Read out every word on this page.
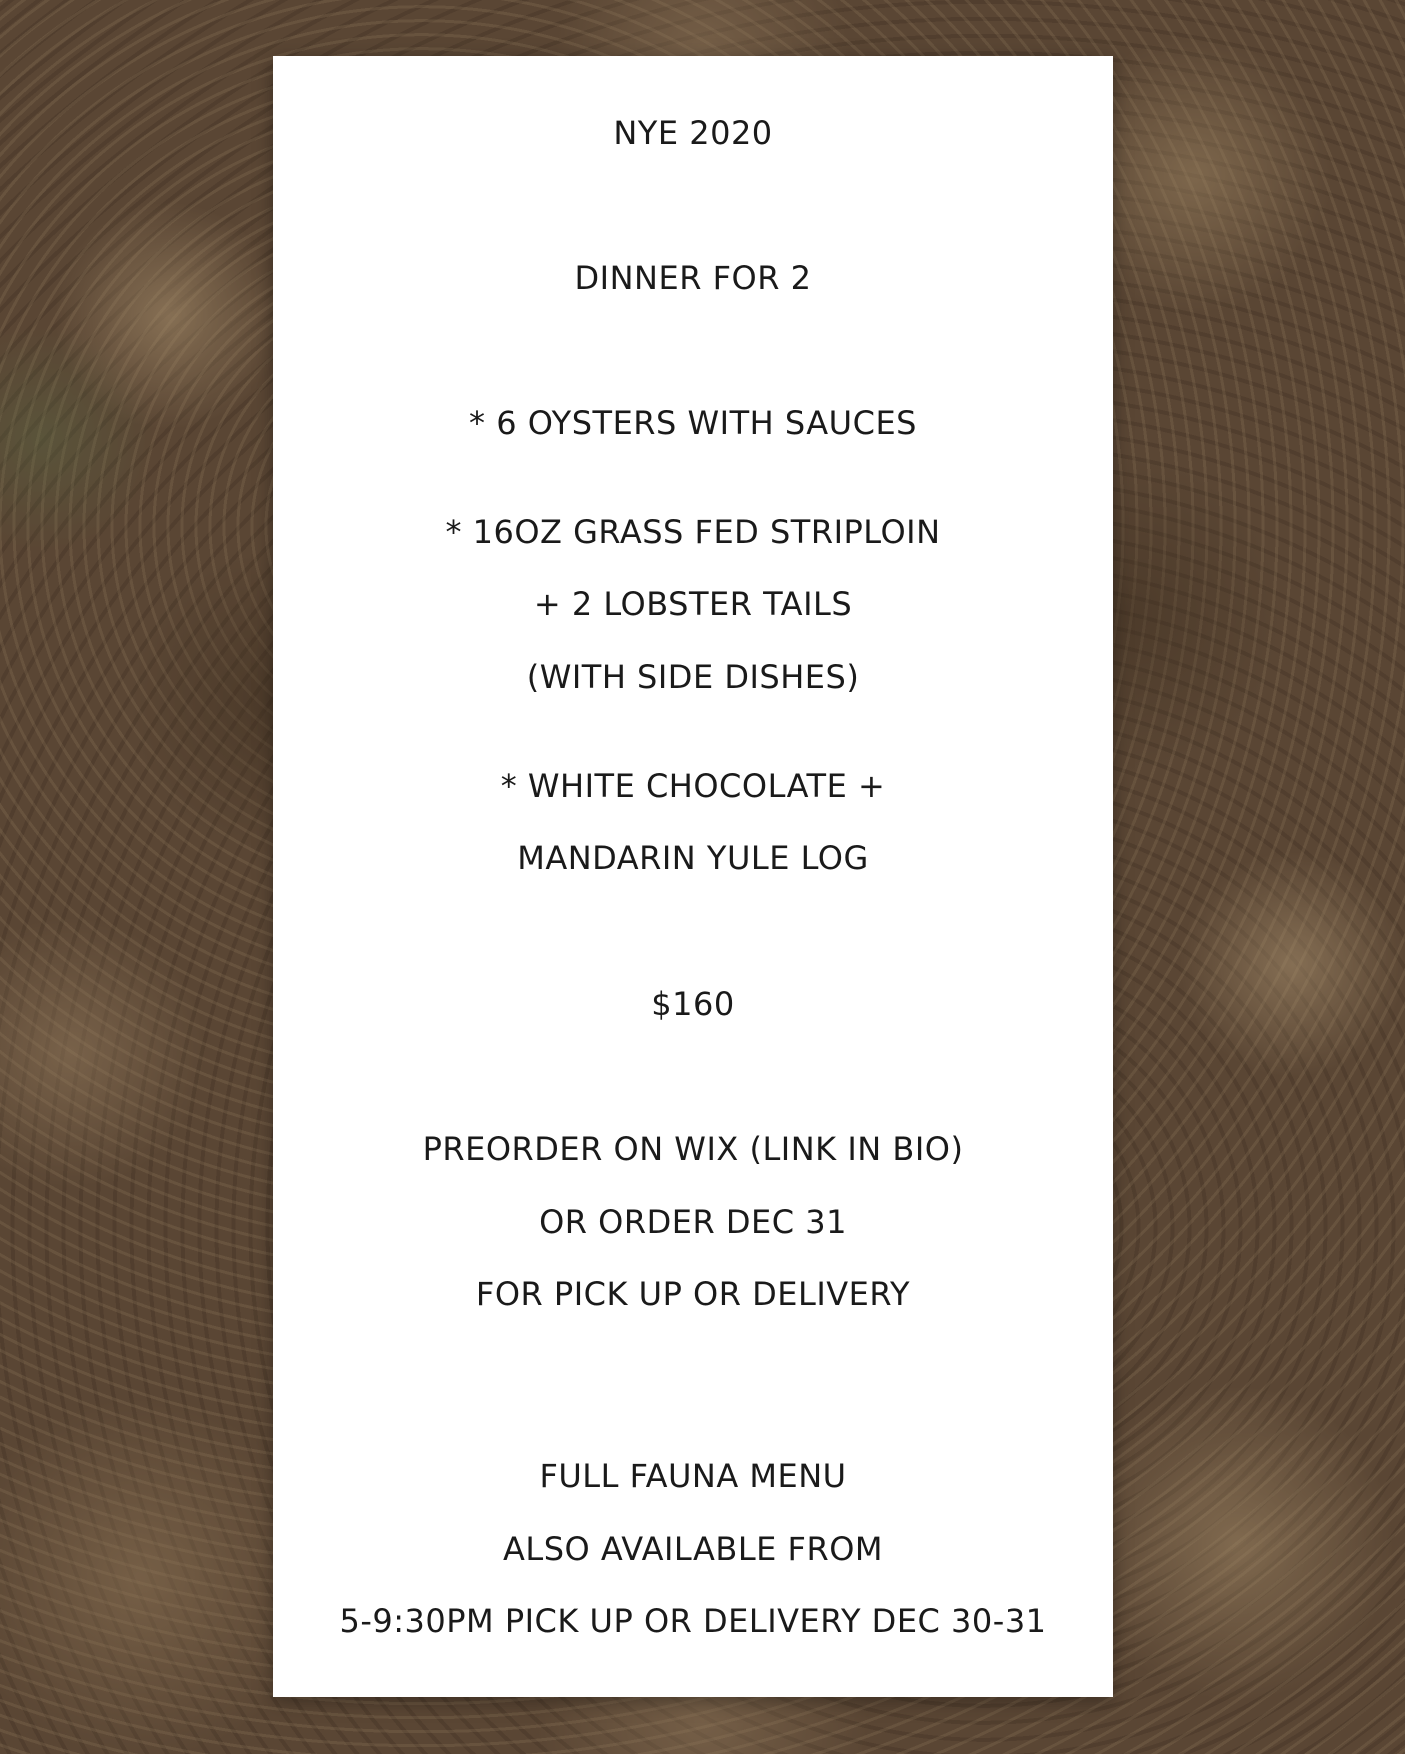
NYE 2020
DINNER FOR 2
* 6 OYSTERS WITH SAUCES
* 16OZ GRASS FED STRIPLOIN
+ 2 LOBSTER TAILS
(WITH SIDE DISHES)
* WHITE CHOCOLATE +
MANDARIN YULE LOG
$160
PREORDER ON WIX (LINK IN BIO)
OR ORDER DEC 31
FOR PICK UP OR DELIVERY
FULL FAUNA MENU
ALSO AVAILABLE FROM
5-9:30PM PICK UP OR DELIVERY DEC 30-31
